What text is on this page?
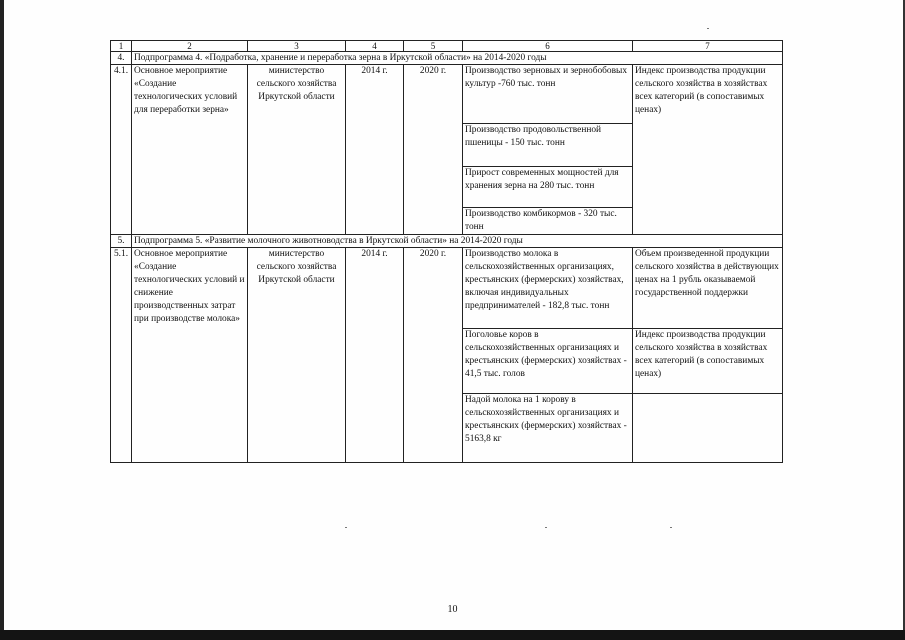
1	2	3	4	5	6	7
4.	Подпрограмма 4. «Подработка, хранение и переработка зерна в Иркутской области» на 2014-2020 годы					
4.1.	Основное мероприятие «Создание технологических условий для переработки зерна»	министерство сельского хозяйства Иркутской области	2014 г.	2020 г.	Производство зерновых и зернобобовых культур -760 тыс. тонн	Индекс производства продукции сельского хозяйства в хозяйствах всех категорий (в сопоставимых ценах)
					Производство продовольственной пшеницы - 150 тыс. тонн	
					Прирост современных мощностей для хранения зерна на 280 тыс. тонн	
					Производство комбикормов - 320 тыс. тонн	
5.	Подпрограмма 5. «Развитие молочного животноводства в Иркутской области» на 2014-2020 годы					
5.1.	Основное мероприятие «Создание технологических условий и снижение производственных затрат при производстве молока»	министерство сельского хозяйства Иркутской области	2014 г.	2020 г.	Производство молока в сельскохозяйственных организациях, крестьянских (фермерских) хозяйствах, включая индивидуальных предпринимателей - 182,8 тыс. тонн	Объем произведенной продукции сельского хозяйства в действующих ценах на 1 рубль оказываемой государственной поддержки
					Поголовье коров в сельскохозяйственных организациях и крестьянских (фермерских) хозяйствах - 41,5 тыс. голов	Индекс производства продукции сельского хозяйства в хозяйствах всех категорий (в сопоставимых ценах)
					Надой молока на 1 корову в сельскохозяйственных организациях и крестьянских (фермерских) хозяйствах - 5163,8 кг	
10
